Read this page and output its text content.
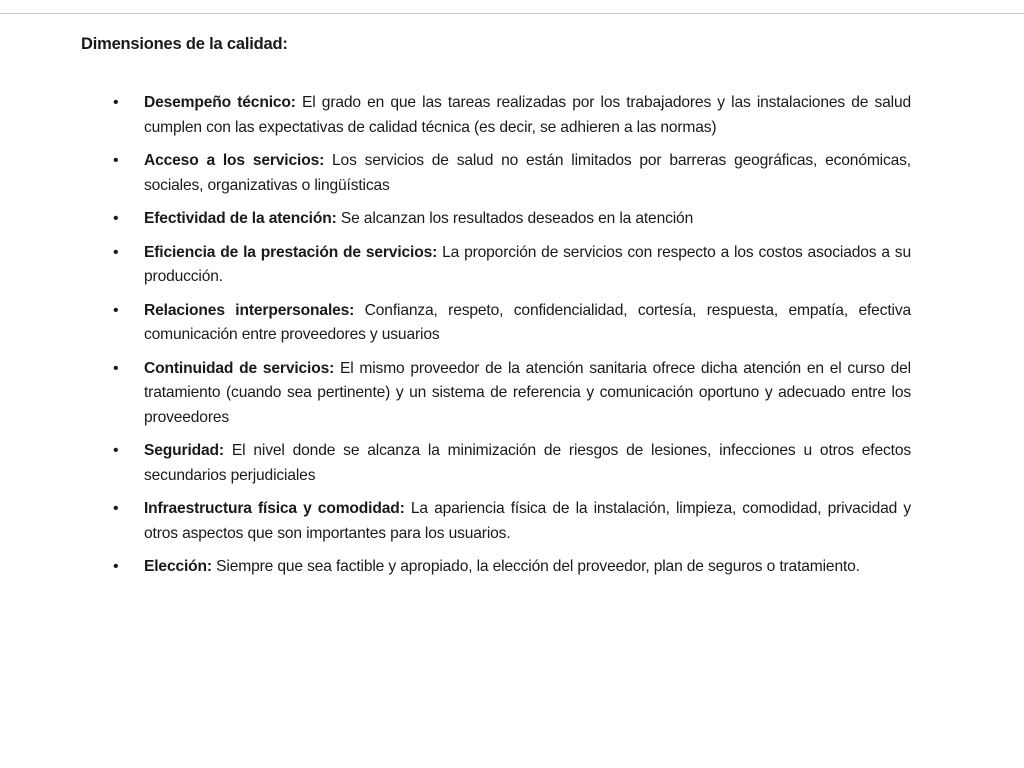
Dimensiones de la calidad:
• Desempeño técnico: El grado en que las tareas realizadas por los trabajadores y las instalaciones de salud cumplen con las expectativas de calidad técnica (es decir, se adhieren a las normas)
• Acceso a los servicios: Los servicios de salud no están limitados por barreras geográficas, económicas, sociales, organizativas o lingüísticas
• Efectividad de la atención: Se alcanzan los resultados deseados en la atención
• Eficiencia de la prestación de servicios: La proporción de servicios con respecto a los costos asociados a su producción.
• Relaciones interpersonales: Confianza, respeto, confidencialidad, cortesía, respuesta, empatía, efectiva comunicación entre proveedores y usuarios
• Continuidad de servicios: El mismo proveedor de la atención sanitaria ofrece dicha atención en el curso del tratamiento (cuando sea pertinente) y un sistema de referencia y comunicación oportuno y adecuado entre los proveedores
• Seguridad: El nivel donde se alcanza la minimización de riesgos de lesiones, infecciones u otros efectos secundarios perjudiciales
• Infraestructura física y comodidad: La apariencia física de la instalación, limpieza, comodidad, privacidad y otros aspectos que son importantes para los usuarios.
• Elección: Siempre que sea factible y apropiado, la elección del proveedor, plan de seguros o tratamiento.
